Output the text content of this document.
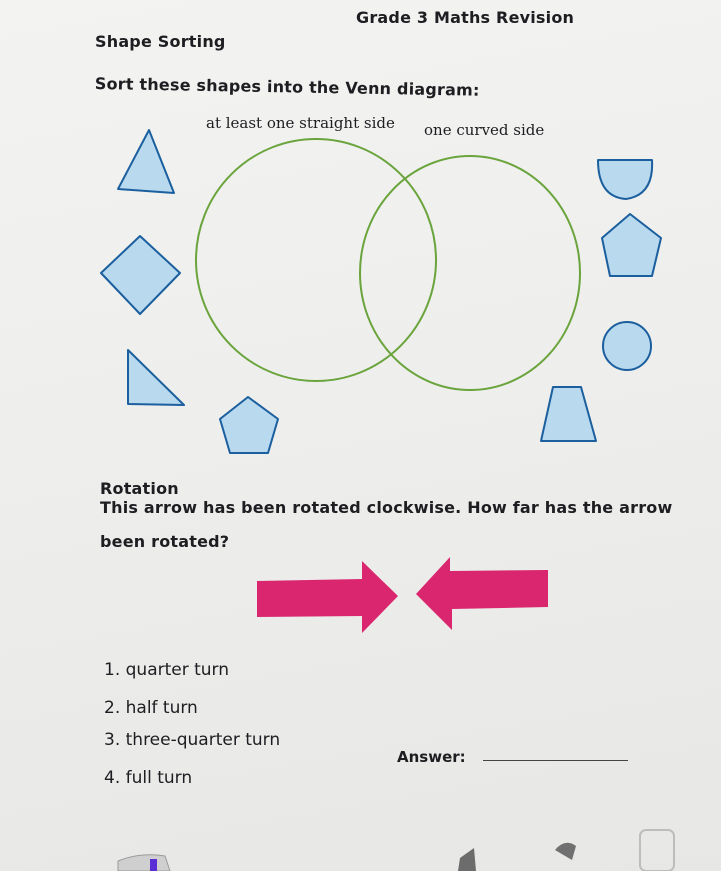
Grade 3 Maths Revision
Shape Sorting
Sort these shapes into the Venn diagram:
at least one straight side one curved side
Rotation
This arrow has been rotated clockwise. How far has the arrow
been rotated?
1. quarter turn
2. half turn
3. three-quarter turn
4. full turn
Answer:
